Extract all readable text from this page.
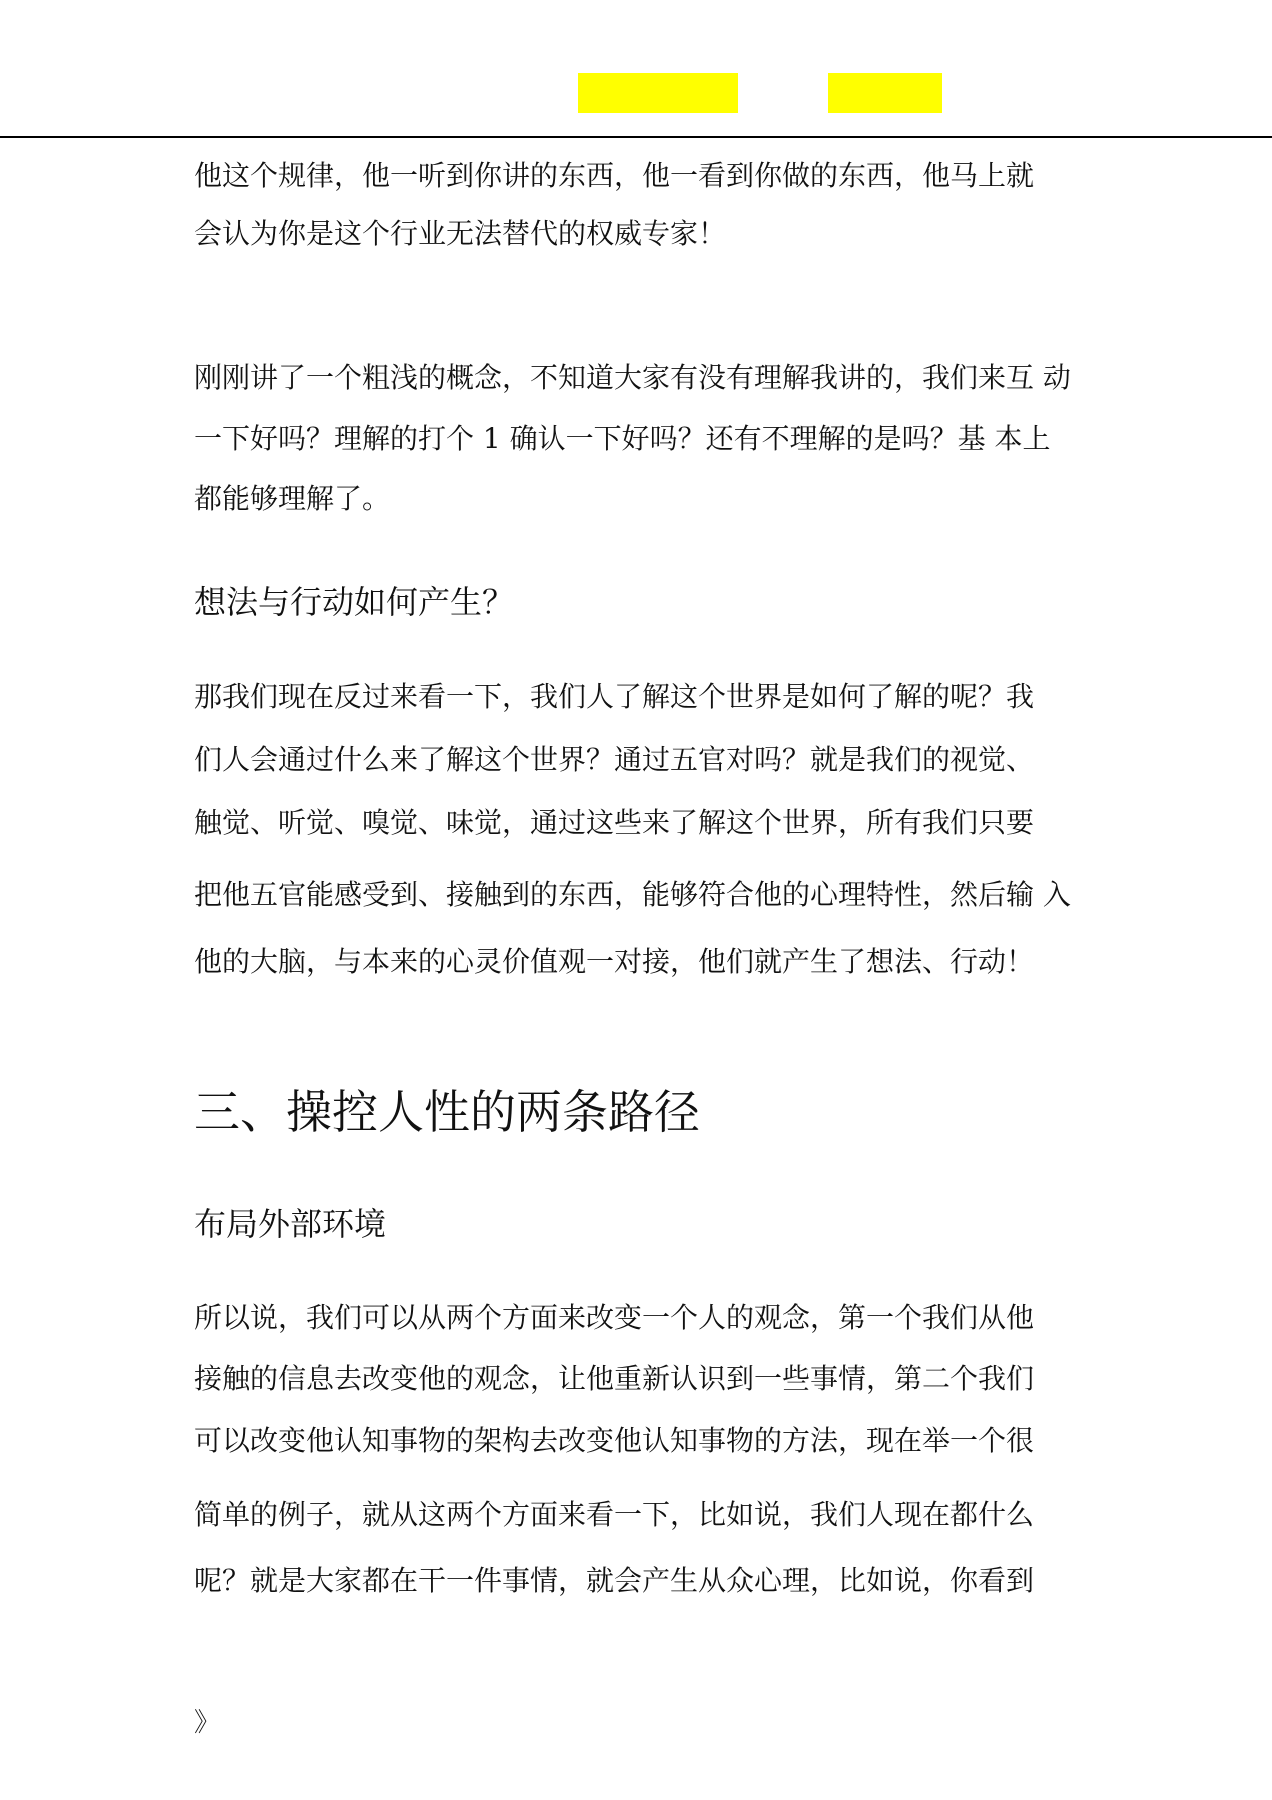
他这个规律，他一听到你讲的东西，他一看到你做的东西，他马上就

会认为你是这个行业无法替代的权威专家！

刚刚讲了一个粗浅的概念，不知道大家有没有理解我讲的，我们来互 动

一下好吗？理解的打个 1 确认一下好吗？还有不理解的是吗？基 本上

都能够理解了。

想法与行动如何产生？

那我们现在反过来看一下，我们人了解这个世界是如何了解的呢？我

们人会通过什么来了解这个世界？通过五官对吗？就是我们的视觉、

触觉、听觉、嗅觉、味觉，通过这些来了解这个世界，所有我们只要

把他五官能感受到、接触到的东西，能够符合他的心理特性，然后输 入

他的大脑，与本来的心灵价值观一对接，他们就产生了想法、行动！

三、操控人性的两条路径
布局外部环境

所以说，我们可以从两个方面来改变一个人的观念，第一个我们从他

接触的信息去改变他的观念，让他重新认识到一些事情，第二个我们

可以改变他认知事物的架构去改变他认知事物的方法，现在举一个很

简单的例子，就从这两个方面来看一下，比如说，我们人现在都什么

呢？就是大家都在干一件事情，就会产生从众心理，比如说，你看到

》
